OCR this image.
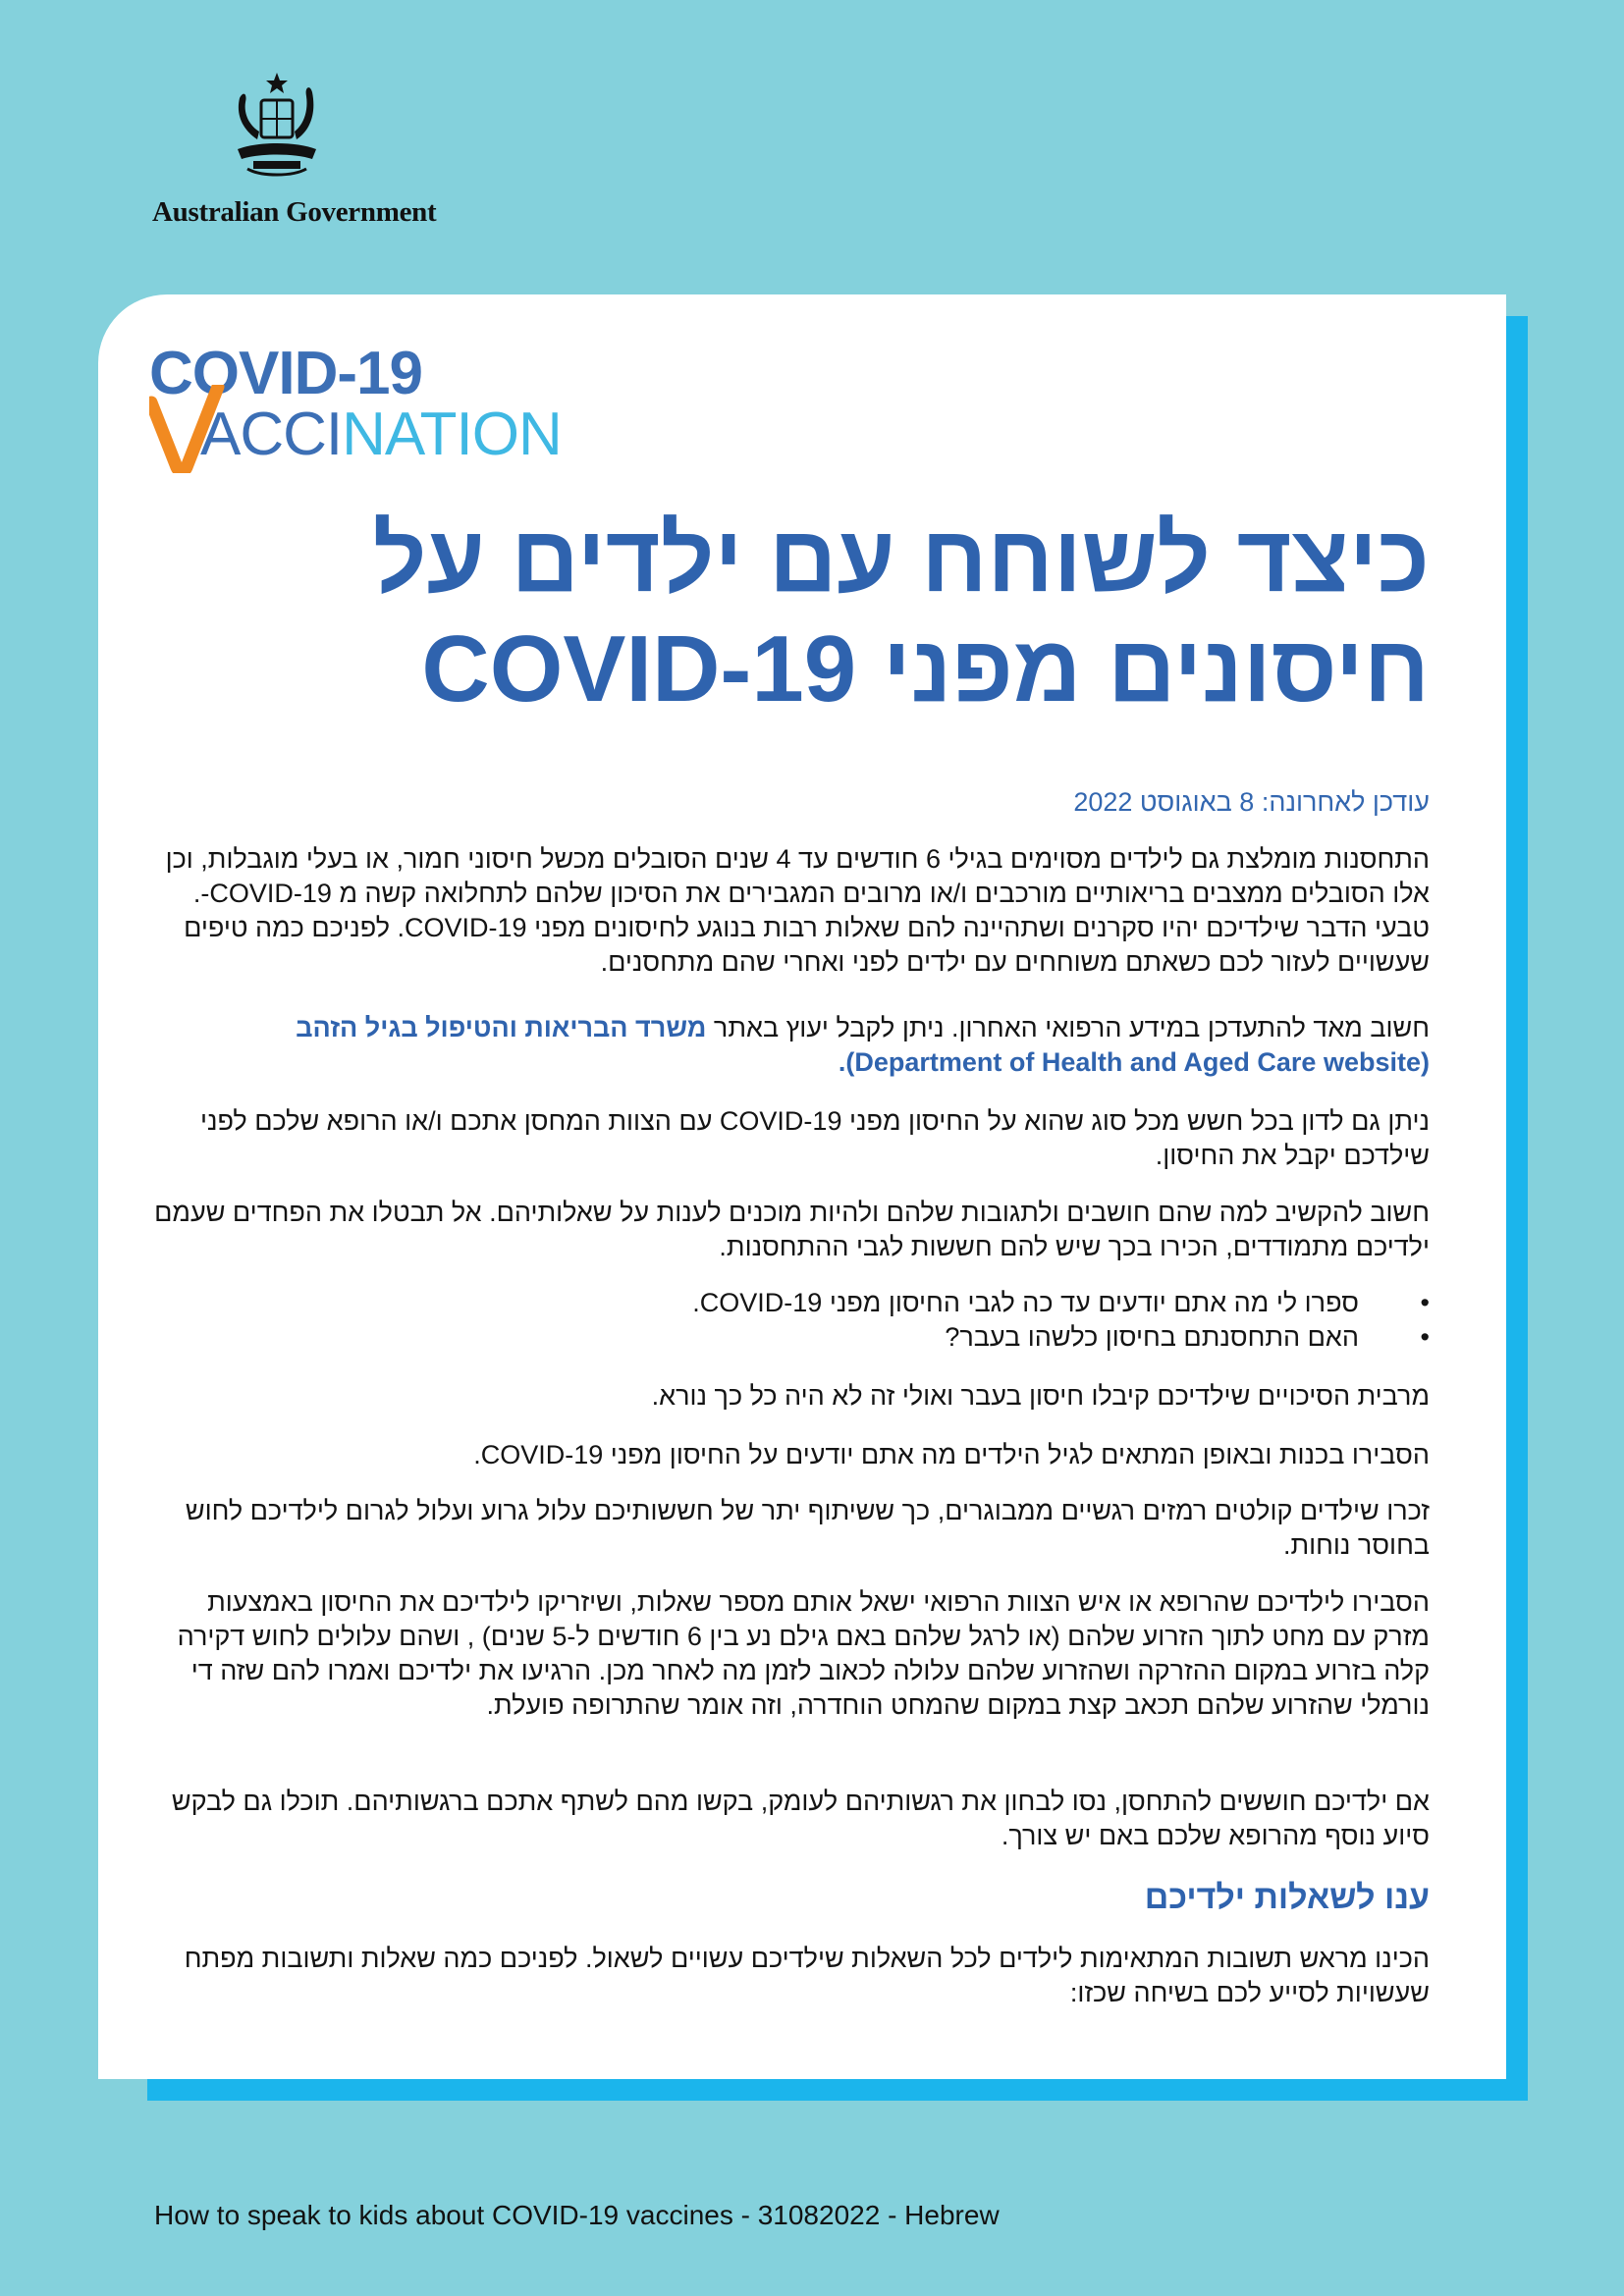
Australian Government
COVID-19
ACCINATION
כיצד לשוחח עם ילדים על
חיסונים מפני COVID-19
עודכן לאחרונה: 8 באוגוסט 2022

התחסנות מומלצת גם לילדים מסוימים בגילי 6 חודשים עד 4 שנים הסובלים מכשל חיסוני חמור, או בעלי מוגבלות, וכן אלו הסובלים ממצבים בריאותיים מורכבים ו/או מרובים המגבירים את הסיכון שלהם לתחלואה קשה מ COVID-19-. טבעי הדבר שילדיכם יהיו סקרנים ושתהיינה להם שאלות רבות בנוגע לחיסונים מפני COVID-19. לפניכם כמה טיפים שעשויים לעזור לכם כשאתם משוחחים עם ילדים לפני ואחרי שהם מתחסנים.

חשוב מאד להתעדכן במידע הרפואי האחרון. ניתן לקבל יעוץ באתר משרד הבריאות והטיפול בגיל הזהב (Department of Health and Aged Care website).

ניתן גם לדון בכל חשש מכל סוג שהוא על החיסון מפני COVID-19 עם הצוות המחסן אתכם ו/או הרופא שלכם לפני שילדכם יקבל את החיסון.

חשוב להקשיב למה שהם חושבים ולתגובות שלהם ולהיות מוכנים לענות על שאלותיהם. אל תבטלו את הפחדים שעמם ילדיכם מתמודדים, הכירו בכך שיש להם חששות לגבי ההתחסנות.

• ספרו לי מה אתם יודעים עד כה לגבי החיסון מפני COVID-19.
• האם התחסנתם בחיסון כלשהו בעבר?

מרבית הסיכויים שילדיכם קיבלו חיסון בעבר ואולי זה לא היה כל כך נורא.

הסבירו בכנות ובאופן המתאים לגיל הילדים מה אתם יודעים על החיסון מפני COVID-19.

זכרו שילדים קולטים רמזים רגשיים ממבוגרים, כך ששיתוף יתר של חששותיכם עלול גרוע ועלול לגרום לילדיכם לחוש בחוסר נוחות.

הסבירו לילדיכם שהרופא או איש הצוות הרפואי ישאל אותם מספר שאלות, ושיזריקו לילדיכם את החיסון באמצעות מזרק עם מחט לתוך הזרוע שלהם (או לרגל שלהם באם גילם נע בין 6 חודשים ל-5 שנים) , ושהם עלולים לחוש דקירה קלה בזרוע במקום ההזרקה ושהזרוע שלהם עלולה לכאוב לזמן מה לאחר מכן. הרגיעו את ילדיכם ואמרו להם שזה די נורמלי שהזרוע שלהם תכאב קצת במקום שהמחט הוחדרה, וזה אומר שהתרופה פועלת.

אם ילדיכם חוששים להתחסן, נסו לבחון את רגשותיהם לעומק, בקשו מהם לשתף אתכם ברגשותיהם. תוכלו גם לבקש סיוע נוסף מהרופא שלכם באם יש צורך.

ענו לשאלות ילדיכם

הכינו מראש תשובות המתאימות לילדים לכל השאלות שילדיכם עשויים לשאול. לפניכם כמה שאלות ותשובות מפתח שעשויות לסייע לכם בשיחה שכזו:

How to speak to kids about COVID-19 vaccines - 31082022 - Hebrew
